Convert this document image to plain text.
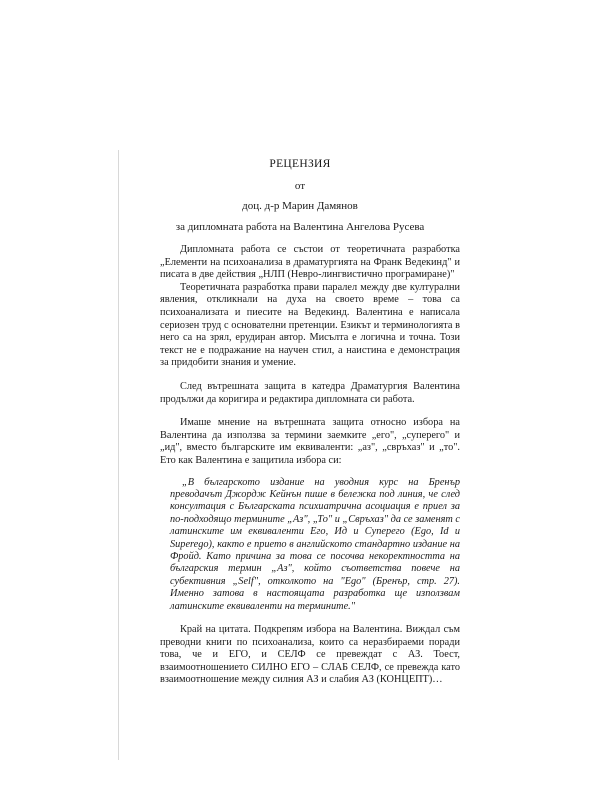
РЕЦЕНЗИЯ
от
доц. д-р Марин Дамянов
за дипломната работа на Валентина Ангелова Русева

Дипломната работа се състои от теоретичната разработка „Елементи на психоанализа в драматургията на Франк Ведекинд" и писата в две действия „НЛП (Невро-лингвистично програмиране)"

Теоретичната разработка прави паралел между две културални явления, откликнали на духа на своето време – това са психоанализата и пиесите на Ведекинд. Валентина е написала сериозен труд с основателни претенции. Езикът и терминологията в него са на зрял, ерудиран автор. Мисълта е логична и точна. Този текст не е подражание на научен стил, а наистина е демонстрация за придобити знания и умение.

След вътрешната защита в катедра Драматургия Валентина продължи да коригира и редактира дипломната си работа.

Имаше мнение на вътрешната защита относно избора на Валентина да използва за термини заемките „его", „суперего" и „ид", вместо българските им еквиваленти: „аз", „свръхаз" и „то". Ето как Валентина е защитила избора си:

„В българското издание на уводния курс на Бренър преводачът Джордж Кейнън пише в бележка под линия, че след консултация с Българската психиатрична асоциация е приел за по-подходящо термините „Аз", „То" и „Свръхаз" да се заменят с латинските им еквиваленти Его, Ид и Суперего (Ego, Id и Superego), както е прието в английското стандартно издание на Фройд. Като причина за това се посочва некоректността на българския термин „Аз", който съответства повече на субективния „Self", отколкото на "Ego" (Бренър, стр. 27). Именно затова в настоящата разработка ще използвам латинските еквиваленти на термините."

Край на цитата. Подкрепям избора на Валентина. Виждал съм преводни книги по психоанализа, които са неразбираеми поради това, че и ЕГО, и СЕЛФ се превеждат с АЗ. Тоест, взаимоотношението СИЛНО ЕГО – СЛАБ СЕЛФ, се превежда като взаимоотношение между силния АЗ и слабия АЗ (КОНЦЕПТ)…
